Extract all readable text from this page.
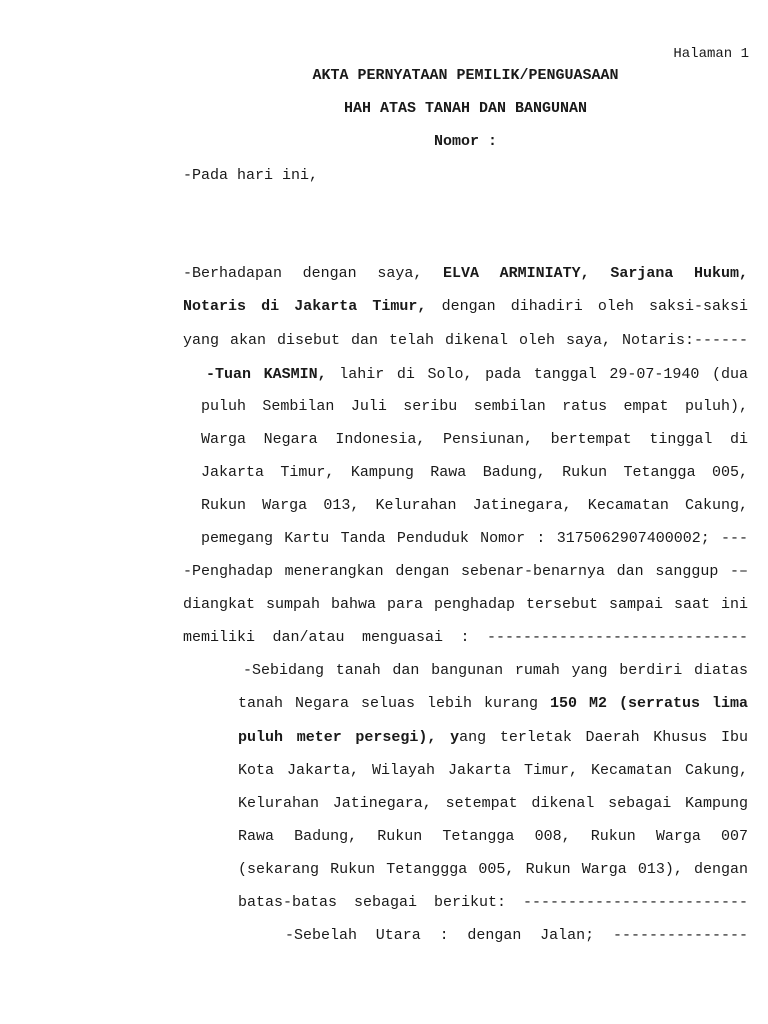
Halaman 1
AKTA PERNYATAAN PEMILIK/PENGUASAAN
HAH ATAS TANAH DAN BANGUNAN
Nomor :
-Pada hari ini,
-Berhadapan dengan saya, ELVA ARMINIATY, Sarjana Hukum,
Notaris di Jakarta Timur, dengan dihadiri oleh saksi-saksi
yang akan disebut dan telah dikenal oleh saya, Notaris:------
-Tuan KASMIN, lahir di Solo, pada tanggal 29-07-1940 (dua
puluh Sembilan Juli seribu sembilan ratus empat puluh),
Warga Negara Indonesia, Pensiunan, bertempat tinggal di
Jakarta Timur, Kampung Rawa Badung, Rukun Tetangga 005,
Rukun Warga 013, Kelurahan Jatinegara, Kecamatan Cakung,
pemegang Kartu Tanda Penduduk Nomor : 3175062907400002; ---
-Penghadap menerangkan dengan sebenar-benarnya dan sanggup -–
diangkat sumpah bahwa para penghadap tersebut sampai saat ini
memiliki dan/atau menguasai : -----------------------------
-Sebidang tanah dan bangunan rumah yang berdiri diatas
tanah Negara seluas lebih kurang 150 M2 (serratus lima
puluh meter persegi), yang terletak Daerah Khusus Ibu
Kota Jakarta, Wilayah Jakarta Timur, Kecamatan Cakung,
Kelurahan Jatinegara, setempat dikenal sebagai Kampung
Rawa Badung, Rukun Tetangga 008, Rukun Warga 007
(sekarang Rukun Tetanggga 005, Rukun Warga 013), dengan
batas-batas sebagai berikut: -------------------------
-Sebelah Utara : dengan Jalan; ---------------
